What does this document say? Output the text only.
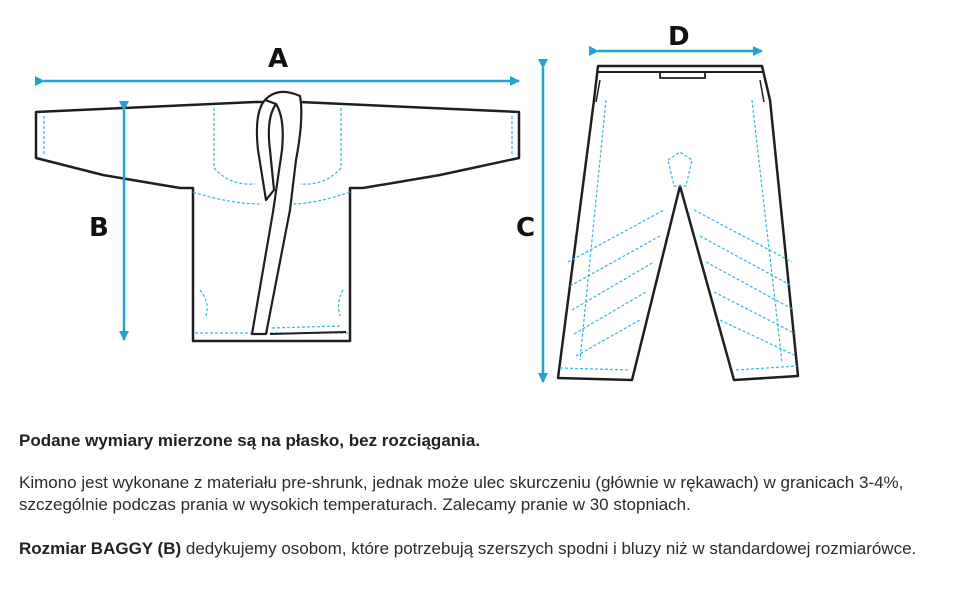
A
B
D
C
Podane wymiary mierzone są na płasko, bez rozciągania.
Kimono jest wykonane z materiału pre-shrunk, jednak może ulec skurczeniu (głównie w rękawach) w granicach 3-4%, szczególnie podczas prania w wysokich temperaturach. Zalecamy pranie w 30 stopniach.
Rozmiar BAGGY (B) dedykujemy osobom, które potrzebują szerszych spodni i bluzy niż w standardowej rozmiarówce.
